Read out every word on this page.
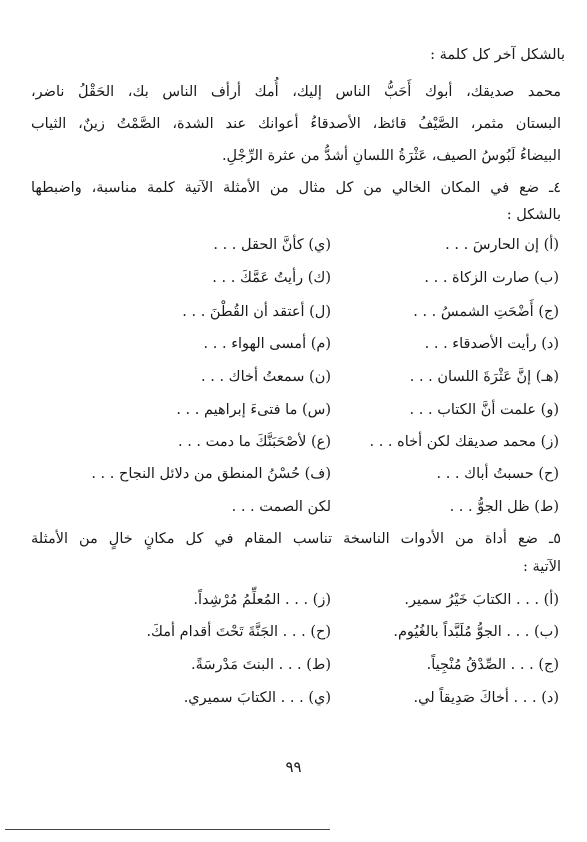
بالشكل آخر كل كلمة :
محمد صديقك، أبوك أَحَبُّ الناس إليك، أُمك أرأف الناس بك، الحَقْلُ ناضر،
البستان مثمر، الصَّيْفُ قائظ، الأصدقاءُ أعوانك عند الشدة، الصَّمْتُ زينٌ، الثياب
البيضاءُ لَبُوسُ الصيف، عَثْرَةُ اللسانِ أشدُّ من عثرة الرِّجْلِ.
٤ـ ضع في المكان الخالي من كل مثال من الأمثلة الآتية كلمة مناسبة، واضبطها
بالشكل :
(أ) إن الحارسَ . . .
(ب) صارت الزكاة . . .
(ج) أَضْحَتِ الشمسُ . . .
(د) رأيت الأصدقاء . . .
(هـ) إنَّ عَثْرَةَ اللسان . . .
(و) علمت أنَّ الكتاب . . .
(ز) محمد صديقك لكن أخاه . . .
(ح) حسبتُ أباك . . .
(ط) ظل الجوُّ . . .
(ي) كأنَّ الحقل . . .
(ك) رأيتُ عَمَّكَ . . .
(ل) أعتقد أن القُطْنَ . . .
(م) أمسى الهواء . . .
(ن) سمعتُ أخاك . . .
(س) ما فتىءَ إبراهيم . . .
(ع) لأصْحَبَنَّكَ ما دمت . . .
(ف) حُسْنُ المنطق من دلائل النجاح . . .
لكن الصمت . . .
٥ـ ضع أداة من الأدوات الناسخة تناسب المقام في كل مكانٍ خالٍ من الأمثلة
الآتية :
(أ) . . . الكتابَ خَيْرُ سمير.
(ب) . . . الجوُّ مُلَبَّداً بالغُيُوم.
(ج) . . . الصِّدْقُ مُنْجِياً.
(د) . . . أخاكَ صَدِيقاً لي.
(ز) . . . المُعلِّمُ مُرْشِداً.
(ح) . . . الجَنَّةَ تَحْتَ أقدام أمكَ.
(ط) . . . البنتَ مَدْرسَةً.
(ي) . . . الكتابَ سميري.
٩٩
